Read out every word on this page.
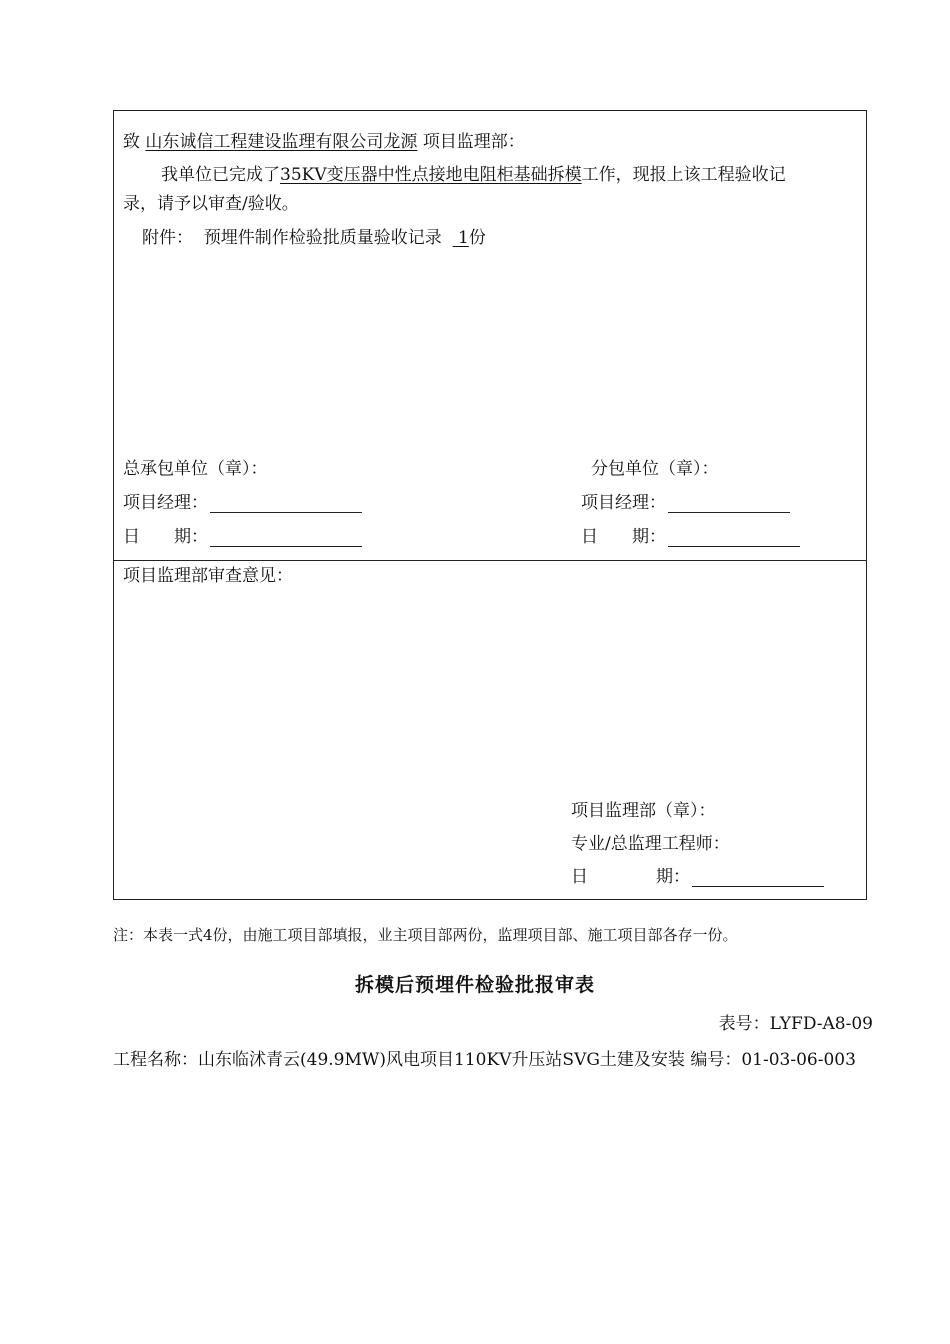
致 山东诚信工程建设监理有限公司龙源 项目监理部：
我单位已完成了35KV变压器中性点接地电阻柜基础拆模工作，现报上该工程验收记
录，请予以审查/验收。
附件： 预埋件制作检验批质量验收记录 1份
总承包单位（章）：	分包单位（章）：
项目经理：	项目经理：
日　　期：	日　　期：
项目监理部审查意见：
项目监理部（章）：
专业/总监理工程师：
日　　　　期：
注：本表一式4份，由施工项目部填报，业主项目部两份，监理项目部、施工项目部各存一份。
拆模后预埋件检验批报审表
表号：LYFD-A8-09
工程名称：山东临沭青云(49.9MW)风电项目110KV升压站SVG土建及安装 编号：01-03-06-003
